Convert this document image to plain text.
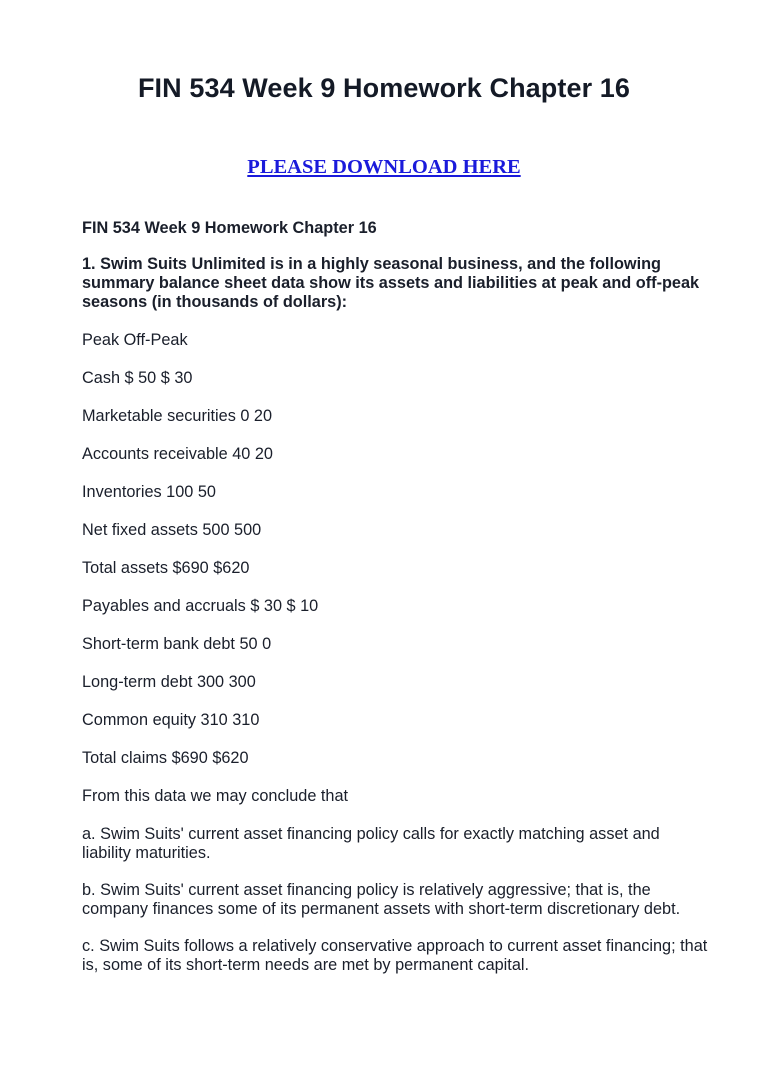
FIN 534 Week 9 Homework Chapter 16
PLEASE DOWNLOAD HERE

FIN 534 Week 9 Homework Chapter 16

1. Swim Suits Unlimited is in a highly seasonal business, and the following summary balance sheet data show its assets and liabilities at peak and off-peak seasons (in thousands of dollars):

Peak Off-Peak

Cash $ 50 $ 30

Marketable securities 0 20

Accounts receivable 40 20

Inventories 100 50

Net fixed assets 500 500

Total assets $690 $620

Payables and accruals $ 30 $ 10

Short-term bank debt 50 0

Long-term debt 300 300

Common equity 310 310

Total claims $690 $620

From this data we may conclude that

a. Swim Suits' current asset financing policy calls for exactly matching asset and liability maturities.

b. Swim Suits' current asset financing policy is relatively aggressive; that is, the company finances some of its permanent assets with short-term discretionary debt.

c. Swim Suits follows a relatively conservative approach to current asset financing; that is, some of its short-term needs are met by permanent capital.
